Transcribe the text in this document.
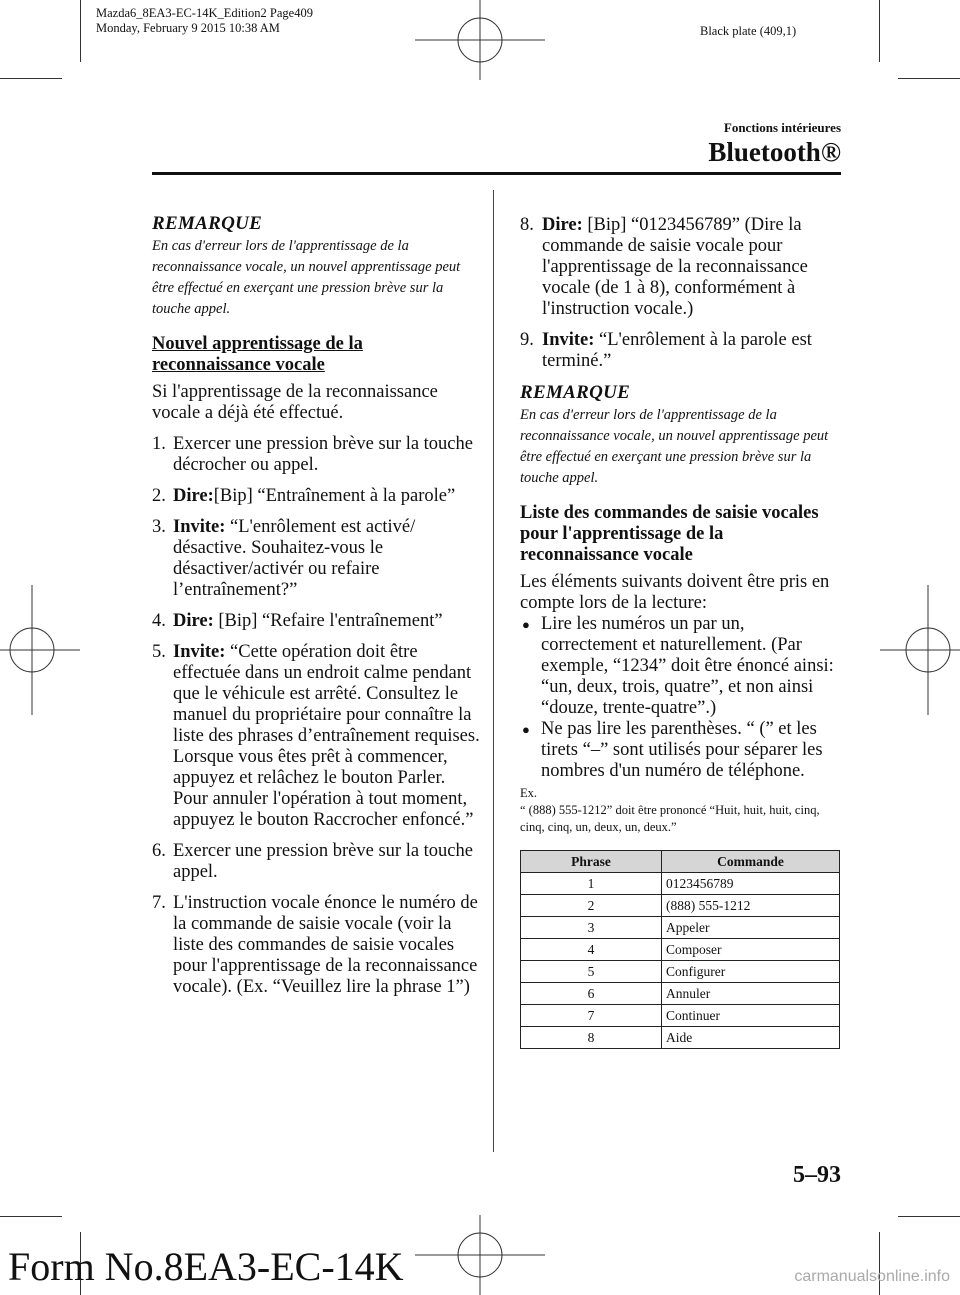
Mazda6_8EA3-EC-14K_Edition2 Page409
Monday, February 9 2015 10:38 AM	Black plate (409,1)
Fonctions intérieures
Bluetooth®
REMARQUE
En cas d'erreur lors de l'apprentissage de la reconnaissance vocale, un nouvel apprentissage peut être effectué en exerçant une pression brève sur la touche appel.
Nouvel apprentissage de la
reconnaissance vocale

Si l'apprentissage de la reconnaissance vocale a déjà été effectué.

1. Exercer une pression brève sur la touche décrocher ou appel.
2. Dire:[Bip] “Entraînement à la parole”
3. Invite: “L'enrôlement est activé/ désactive. Souhaitez-vous le désactiver/activér ou refaire l’entraînement?”
4. Dire: [Bip] “Refaire l'entraînement”
5. Invite: “Cette opération doit être effectuée dans un endroit calme pendant que le véhicule est arrêté. Consultez le manuel du propriétaire pour connaître la liste des phrases d’entraînement requises. Lorsque vous êtes prêt à commencer, appuyez et relâchez le bouton Parler. Pour annuler l'opération à tout moment, appuyez le bouton Raccrocher enfoncé.”
6. Exercer une pression brève sur la touche appel.
7. L'instruction vocale énonce le numéro de la commande de saisie vocale (voir la liste des commandes de saisie vocales pour l'apprentissage de la reconnaissance vocale). (Ex. “Veuillez lire la phrase 1”)
8. Dire: [Bip] “0123456789” (Dire la commande de saisie vocale pour l'apprentissage de la reconnaissance vocale (de 1 à 8), conformément à l'instruction vocale.)
9. Invite: “L'enrôlement à la parole est terminé.”
REMARQUE
En cas d'erreur lors de l'apprentissage de la reconnaissance vocale, un nouvel apprentissage peut être effectué en exerçant une pression brève sur la touche appel.
Liste des commandes de saisie vocales pour l'apprentissage de la reconnaissance vocale

Les éléments suivants doivent être pris en compte lors de la lecture:

● Lire les numéros un par un, correctement et naturellement. (Par exemple, “1234” doit être énoncé ainsi: “un, deux, trois, quatre”, et non ainsi “douze, trente-quatre”.)
● Ne pas lire les parenthèses. “ (” et les tirets “–” sont utilisés pour séparer les nombres d'un numéro de téléphone.
Ex.
“ (888) 555-1212” doit être prononcé “Huit, huit, huit, cinq, cinq, cinq, un, deux, un, deux.”
Phrase	Commande
1	0123456789
2	(888) 555-1212
3	Appeler
4	Composer
5	Configurer
6	Annuler
7	Continuer
8	Aide
5–93
Form No.8EA3-EC-14K	carmanualsonline.info
